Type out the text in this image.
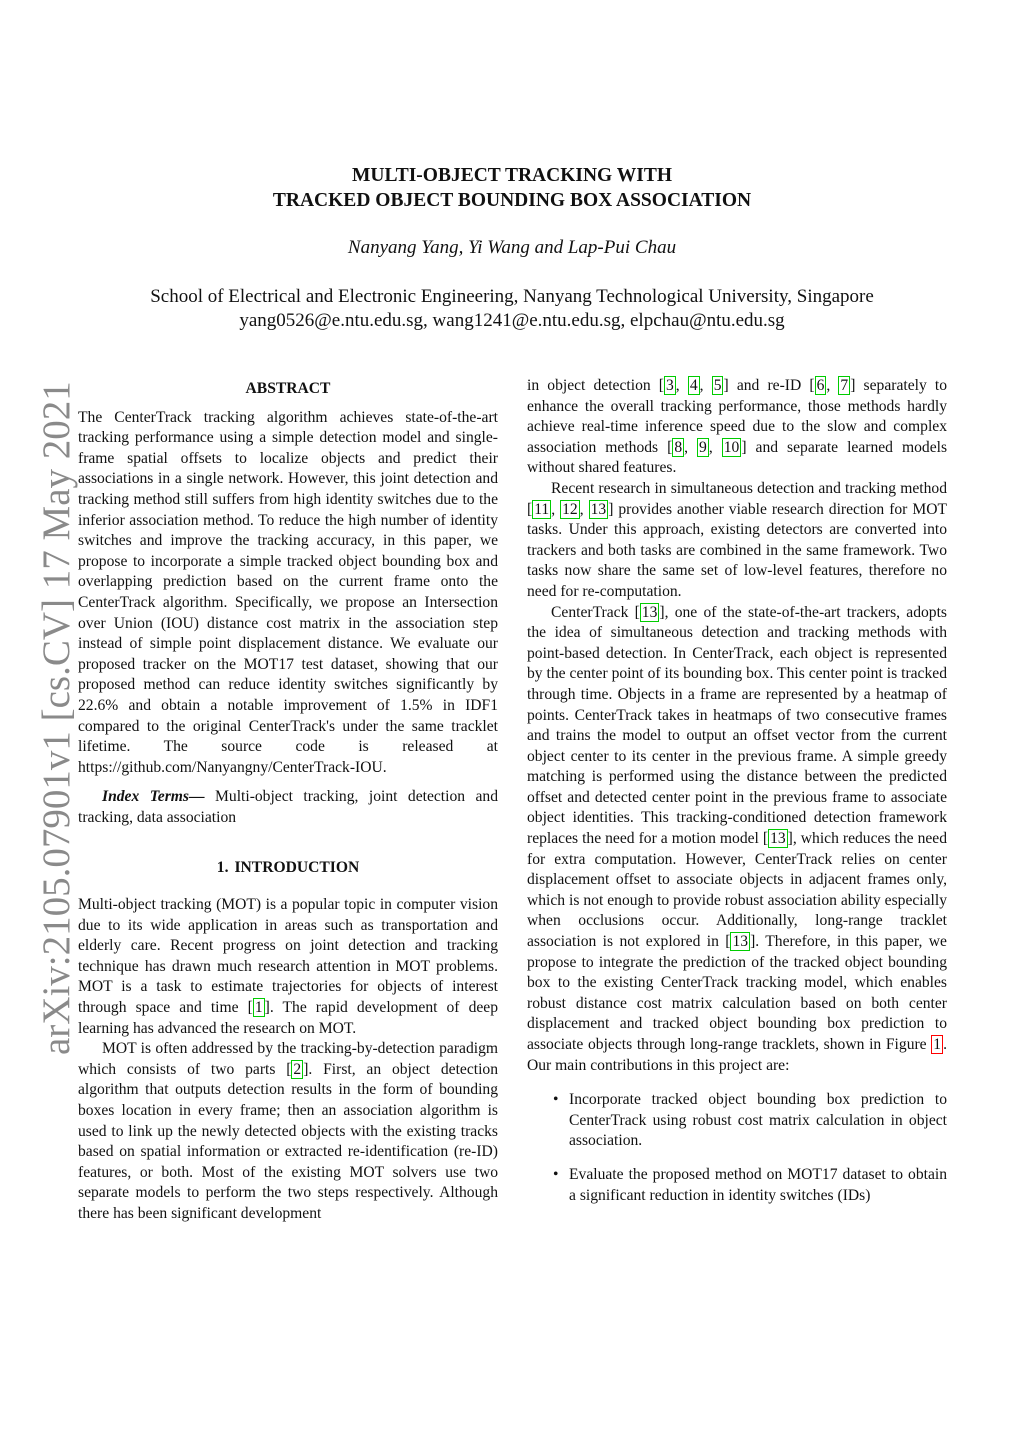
arXiv:2105.07901v1 [cs.CV] 17 May 2021
MULTI-OBJECT TRACKING WITH
TRACKED OBJECT BOUNDING BOX ASSOCIATION
Nanyang Yang, Yi Wang and Lap-Pui Chau
School of Electrical and Electronic Engineering, Nanyang Technological University, Singapore
yang0526@e.ntu.edu.sg, wang1241@e.ntu.edu.sg, elpchau@ntu.edu.sg
ABSTRACT

The CenterTrack tracking algorithm achieves state-of-the-art tracking performance using a simple detection model and single-frame spatial offsets to localize objects and predict their associations in a single network. However, this joint detection and tracking method still suffers from high identity switches due to the inferior association method. To reduce the high number of identity switches and improve the tracking accuracy, in this paper, we propose to incorporate a simple tracked object bounding box and overlapping prediction based on the current frame onto the CenterTrack algorithm. Specifically, we propose an Intersection over Union (IOU) distance cost matrix in the association step instead of simple point displacement distance. We evaluate our proposed tracker on the MOT17 test dataset, showing that our proposed method can reduce identity switches significantly by 22.6% and obtain a notable improvement of 1.5% in IDF1 compared to the original CenterTrack's under the same tracklet lifetime. The source code is released at https://github.com/Nanyangny/CenterTrack-IOU.

Index Terms— Multi-object tracking, joint detection and tracking, data association

1. INTRODUCTION

Multi-object tracking (MOT) is a popular topic in computer vision due to its wide application in areas such as transportation and elderly care. Recent progress on joint detection and tracking technique has drawn much research attention in MOT problems. MOT is a task to estimate trajectories for objects of interest through space and time [ 1 ]. The rapid development of deep learning has advanced the research on MOT.

MOT is often addressed by the tracking-by-detection paradigm which consists of two parts [ 2 ]. First, an object detection algorithm that outputs detection results in the form of bounding boxes location in every frame; then an association algorithm is used to link up the newly detected objects with the existing tracks based on spatial information or extracted re-identification (re-ID) features, or both. Most of the existing MOT solvers use two separate models to perform the two steps respectively. Although there has been significant development

in object detection [ 3 , 4 , 5 ] and re-ID [ 6 , 7 ] separately to enhance the overall tracking performance, those methods hardly achieve real-time inference speed due to the slow and complex association methods [ 8 , 9 , 10 ] and separate learned models without shared features.

Recent research in simultaneous detection and tracking method [ 11 , 12 , 13 ] provides another viable research direction for MOT tasks. Under this approach, existing detectors are converted into trackers and both tasks are combined in the same framework. Two tasks now share the same set of low-level features, therefore no need for re-computation.

CenterTrack [ 13 ], one of the state-of-the-art trackers, adopts the idea of simultaneous detection and tracking methods with point-based detection. In CenterTrack, each object is represented by the center point of its bounding box. This center point is tracked through time. Objects in a frame are represented by a heatmap of points. CenterTrack takes in heatmaps of two consecutive frames and trains the model to output an offset vector from the current object center to its center in the previous frame. A simple greedy matching is performed using the distance between the predicted offset and detected center point in the previous frame to associate object identities. This tracking-conditioned detection framework replaces the need for a motion model [ 13 ], which reduces the need for extra computation. However, CenterTrack relies on center displacement offset to associate objects in adjacent frames only, which is not enough to provide robust association ability especially when occlusions occur. Additionally, long-range tracklet association is not explored in [ 13 ]. Therefore, in this paper, we propose to integrate the prediction of the tracked object bounding box to the existing CenterTrack tracking model, which enables robust distance cost matrix calculation based on both center displacement and tracked object bounding box prediction to associate objects through long-range tracklets, shown in Figure 1 . Our main contributions in this project are:

• Incorporate tracked object bounding box prediction to CenterTrack using robust cost matrix calculation in object association.
• Evaluate the proposed method on MOT17 dataset to obtain a significant reduction in identity switches (IDs)
